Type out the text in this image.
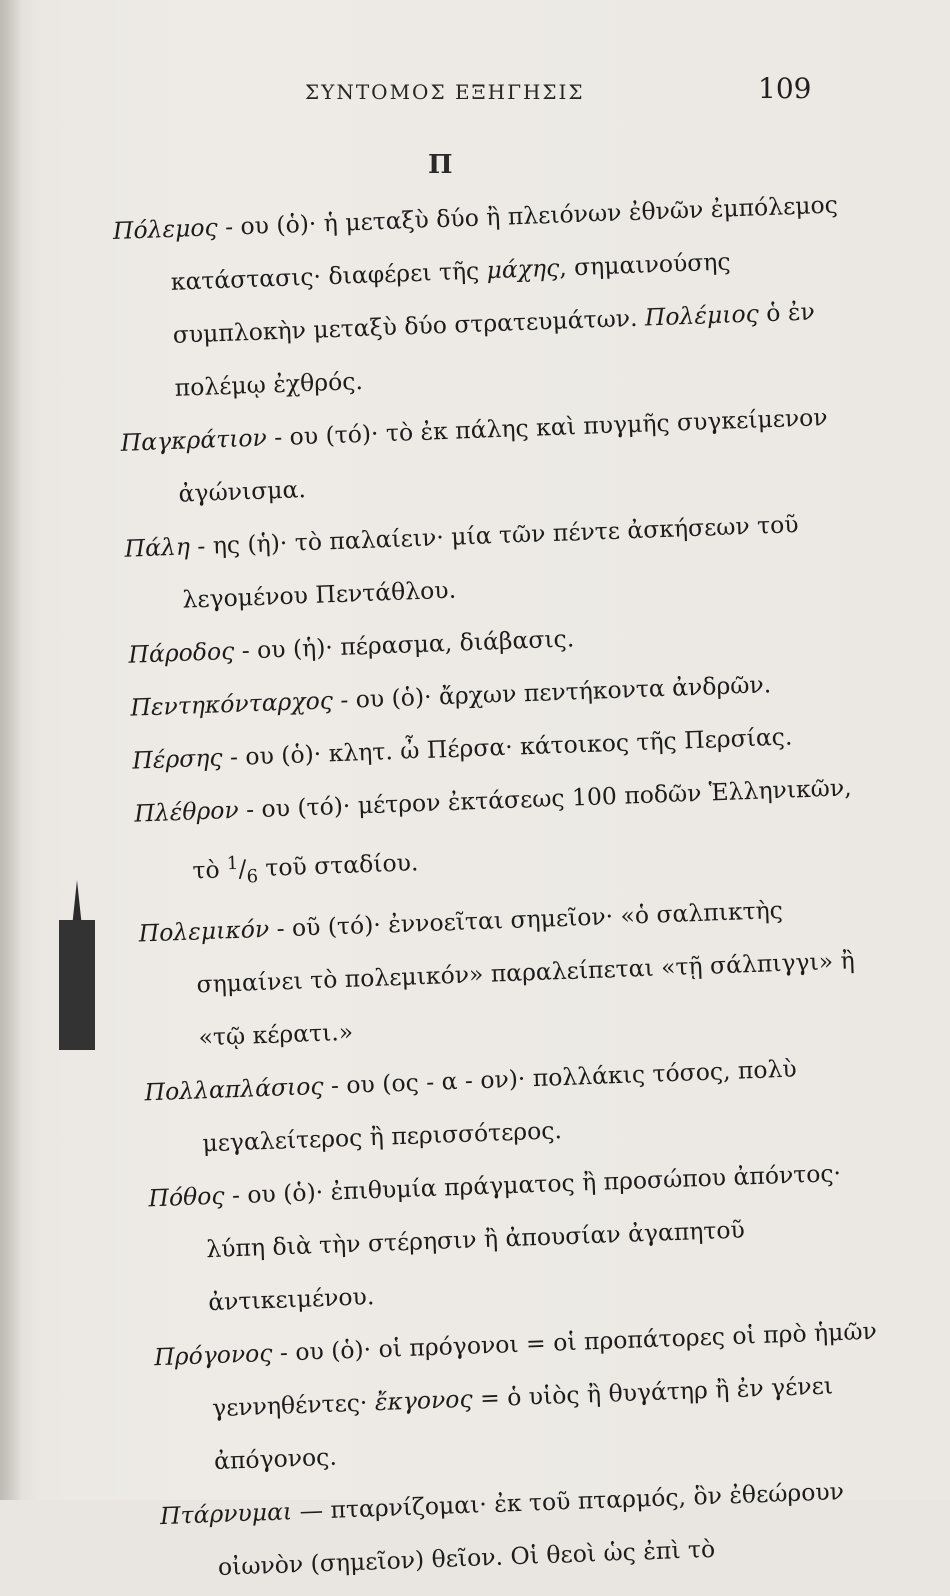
ΣΥΝΤΟΜΟΣ ΕΞΗΓΗΣΙΣ	109
Π

Πόλεμος - ου (ὁ)· ἡ μεταξὺ δύο ἢ πλειόνων ἐθνῶν ἐμπόλεμος κατάστασις· διαφέρει τῆς μάχης, σημαινούσης συμπλοκὴν μεταξὺ δύο στρατευμάτων. Πολέμιος ὁ ἐν πολέμῳ ἐχθρός.

Παγκράτιον - ου (τό)· τὸ ἐκ πάλης καὶ πυγμῆς συγκείμενον ἀγώνισμα.

Πάλη - ης (ἡ)· τὸ παλαίειν· μία τῶν πέντε ἀσκήσεων τοῦ λεγομένου Πεντάθλου.

Πάροδος - ου (ἡ)· πέρασμα, διάβασις.

Πεντηκόνταρχος - ου (ὁ)· ἄρχων πεντήκοντα ἀνδρῶν.

Πέρσης - ου (ὁ)· κλητ. ὦ Πέρσα· κάτοικος τῆς Περσίας.

Πλέθρον - ου (τό)· μέτρον ἐκτάσεως 100 ποδῶν Ἑλληνικῶν, τὸ $^1/_6$ τοῦ σταδίου.

Πολεμικόν - οῦ (τό)· ἐννοεῖται σημεῖον· «ὁ σαλπικτὴς σημαίνει τὸ πολεμικόν» παραλείπεται «τῇ σάλπιγγι» ἢ «τῷ κέρατι.»

Πολλαπλάσιος - ου (ος - α - ον)· πολλάκις τόσος, πολὺ μεγαλείτερος ἢ περισσότερος.

Πόθος - ου (ὁ)· ἐπιθυμία πράγματος ἢ προσώπου ἀπόντος· λύπη διὰ τὴν στέρησιν ἢ ἀπουσίαν ἀγαπητοῦ ἀντικειμένου.

Πρόγονος - ου (ὁ)· οἱ πρόγονοι = οἱ προπάτορες οἱ πρὸ ἡμῶν γεννηθέντες· ἔκγονος = ὁ υἱὸς ἢ θυγάτηρ ἢ ἐν γένει ἀπόγονος.

Πτάρνυμαι — πταρνίζομαι· ἐκ τοῦ πταρμός, ὃν ἐθεώρουν οἰωνὸν (σημεῖον) θεῖον. Οἱ θεοὶ ὡς ἐπὶ τὸ
